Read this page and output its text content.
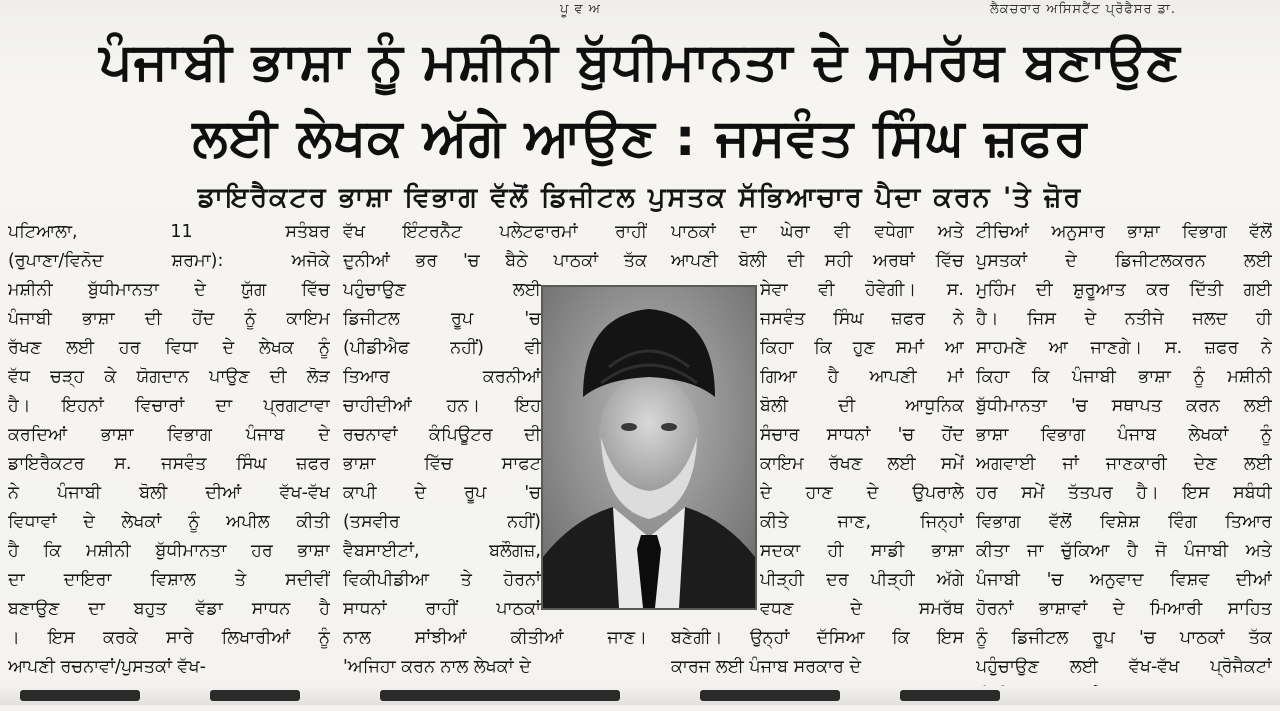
ਪੂ ਵ ਅ	ਲੈਕਚਰਾਰ ਅਸਿਸਟੈਂਟ ਪ੍ਰੋਫੈਸਰ ਡਾ.
ਪੰਜਾਬੀ ਭਾਸ਼ਾ ਨੂੰ ਮਸ਼ੀਨੀ ਬੁੱਧੀਮਾਨਤਾ ਦੇ ਸਮਰੱਥ ਬਣਾਉਣ
ਲਈ ਲੇਖਕ ਅੱਗੇ ਆਉਣ : ਜਸਵੰਤ ਸਿੰਘ ਜ਼ਫਰ
ਡਾਇਰੈਕਟਰ ਭਾਸ਼ਾ ਵਿਭਾਗ ਵੱਲੋਂ ਡਿਜੀਟਲ ਪੁਸਤਕ ਸੱਭਿਆਚਾਰ ਪੈਦਾ ਕਰਨ 'ਤੇ ਜ਼ੋਰ

ਪਟਿਆਲਾ, 11 ਸਤੰਬਰ

(ਰੁਪਾਣਾ/ਵਿਨੋਦ ਸ਼ਰਮਾ): ਅਜੋਕੇ

ਮਸ਼ੀਨੀ ਬੁੱਧੀਮਾਨਤਾ ਦੇ ਯੁੱਗ ਵਿੱਚ

ਪੰਜਾਬੀ ਭਾਸ਼ਾ ਦੀ ਹੋਂਦ ਨੂੰ ਕਾਇਮ

ਰੱਖਣ ਲਈ ਹਰ ਵਿਧਾ ਦੇ ਲੇਖਕ ਨੂੰ

ਵੱਧ ਚੜ੍ਹ ਕੇ ਯੋਗਦਾਨ ਪਾਉਣ ਦੀ ਲੋੜ

ਹੈ। ਇਹਨਾਂ ਵਿਚਾਰਾਂ ਦਾ ਪ੍ਰਗਟਾਵਾ

ਕਰਦਿਆਂ ਭਾਸ਼ਾ ਵਿਭਾਗ ਪੰਜਾਬ ਦੇ

ਡਾਇਰੈਕਟਰ ਸ. ਜਸਵੰਤ ਸਿੰਘ ਜ਼ਫਰ

ਨੇ ਪੰਜਾਬੀ ਬੋਲੀ ਦੀਆਂ ਵੱਖ-ਵੱਖ

ਵਿਧਾਵਾਂ ਦੇ ਲੇਖਕਾਂ ਨੂੰ ਅਪੀਲ ਕੀਤੀ

ਹੈ ਕਿ ਮਸ਼ੀਨੀ ਬੁੱਧੀਮਾਨਤਾ ਹਰ ਭਾਸ਼ਾ

ਦਾ ਦਾਇਰਾ ਵਿਸ਼ਾਲ ਤੇ ਸਦੀਵੀਂ

ਬਣਾਉਣ ਦਾ ਬਹੁਤ ਵੱਡਾ ਸਾਧਨ ਹੈ

। ਇਸ ਕਰਕੇ ਸਾਰੇ ਲਿਖਾਰੀਆਂ ਨੂੰ

ਆਪਣੀ ਰਚਨਾਵਾਂ/ਪੁਸਤਕਾਂ ਵੱਖ-

ਵੱਖ ਇੰਟਰਨੈੱਟ ਪਲੇਟਫਾਰਮਾਂ ਰਾਹੀਂ

ਦੁਨੀਆਂ ਭਰ 'ਚ ਬੈਠੇ ਪਾਠਕਾਂ ਤੱਕ

ਪਹੁੰਚਾਉਣ ਲਈ

ਡਿਜੀਟਲ ਰੂਪ 'ਚ

(ਪੀਡੀਐਫ ਨਹੀਂ) ਵੀ

ਤਿਆਰ ਕਰਨੀਆਂ

ਚਾਹੀਦੀਆਂ ਹਨ। ਇਹ

ਰਚਨਾਵਾਂ ਕੰਪਿਊਟਰ ਦੀ

ਭਾਸ਼ਾ ਵਿੱਚ ਸਾਫਟ

ਕਾਪੀ ਦੇ ਰੂਪ 'ਚ

(ਤਸਵੀਰ ਨਹੀਂ)

ਵੈਬਸਾਈਟਾਂ, ਬਲੌਗਜ਼,

ਵਿਕੀਪੀਡੀਆ ਤੇ ਹੋਰਨਾਂ

ਸਾਧਨਾਂ ਰਾਹੀਂ ਪਾਠਕਾਂ

ਨਾਲ ਸਾਂਝੀਆਂ ਕੀਤੀਆਂ ਜਾਣ।

'ਅਜਿਹਾ ਕਰਨ ਨਾਲ ਲੇਖਕਾਂ ਦੇ

ਪਾਠਕਾਂ ਦਾ ਘੇਰਾ ਵੀ ਵਧੇਗਾ ਅਤੇ

ਆਪਣੀ ਬੋਲੀ ਦੀ ਸਹੀ ਅਰਥਾਂ ਵਿੱਚ

ਸੇਵਾ ਵੀ ਹੋਵੇਗੀ। ਸ.

ਜਸਵੰਤ ਸਿੰਘ ਜ਼ਫਰ ਨੇ

ਕਿਹਾ ਕਿ ਹੁਣ ਸਮਾਂ ਆ

ਗਿਆ ਹੈ ਆਪਣੀ ਮਾਂ

ਬੋਲੀ ਦੀ ਆਧੁਨਿਕ

ਸੰਚਾਰ ਸਾਧਨਾਂ 'ਚ ਹੋਂਦ

ਕਾਇਮ ਰੱਖਣ ਲਈ ਸਮੇਂ

ਦੇ ਹਾਣ ਦੇ ਉਪਰਾਲੇ

ਕੀਤੇ ਜਾਣ, ਜਿਨ੍ਹਾਂ

ਸਦਕਾ ਹੀ ਸਾਡੀ ਭਾਸ਼ਾ

ਪੀੜ੍ਹੀ ਦਰ ਪੀੜ੍ਹੀ ਅੱਗੇ

ਵਧਣ ਦੇ ਸਮਰੱਥ

ਬਣੇਗੀ। ਉਨ੍ਹਾਂ ਦੱਸਿਆ ਕਿ ਇਸ

ਕਾਰਜ ਲਈ ਪੰਜਾਬ ਸਰਕਾਰ ਦੇ

ਟੀਚਿਆਂ ਅਨੁਸਾਰ ਭਾਸ਼ਾ ਵਿਭਾਗ ਵੱਲੋਂ

ਪੁਸਤਕਾਂ ਦੇ ਡਿਜੀਟਲਕਰਨ ਲਈ

ਮੁਹਿੰਮ ਦੀ ਸ਼ੁਰੂਆਤ ਕਰ ਦਿੱਤੀ ਗਈ

ਹੈ। ਜਿਸ ਦੇ ਨਤੀਜੇ ਜਲਦ ਹੀ

ਸਾਹਮਣੇ ਆ ਜਾਣਗੇ। ਸ. ਜ਼ਫਰ ਨੇ

ਕਿਹਾ ਕਿ ਪੰਜਾਬੀ ਭਾਸ਼ਾ ਨੂੰ ਮਸ਼ੀਨੀ

ਬੁੱਧੀਮਾਨਤਾ 'ਚ ਸਥਾਪਤ ਕਰਨ ਲਈ

ਭਾਸ਼ਾ ਵਿਭਾਗ ਪੰਜਾਬ ਲੇਖਕਾਂ ਨੂੰ

ਅਗਵਾਈ ਜਾਂ ਜਾਣਕਾਰੀ ਦੇਣ ਲਈ

ਹਰ ਸਮੇਂ ਤੱਤਪਰ ਹੈ। ਇਸ ਸਬੰਧੀ

ਵਿਭਾਗ ਵੱਲੋਂ ਵਿਸ਼ੇਸ਼ ਵਿੰਗ ਤਿਆਰ

ਕੀਤਾ ਜਾ ਚੁੱਕਿਆ ਹੈ ਜੋ ਪੰਜਾਬੀ ਅਤੇ

ਪੰਜਾਬੀ 'ਚ ਅਨੁਵਾਦ ਵਿਸ਼ਵ ਦੀਆਂ

ਹੋਰਨਾਂ ਭਾਸ਼ਾਵਾਂ ਦੇ ਮਿਆਰੀ ਸਾਹਿਤ

ਨੂੰ ਡਿਜੀਟਲ ਰੂਪ 'ਚ ਪਾਠਕਾਂ ਤੱਕ

ਪਹੁੰਚਾਉਣ ਲਈ ਵੱਖ-ਵੱਖ ਪ੍ਰੋਜੈਕਟਾਂ
